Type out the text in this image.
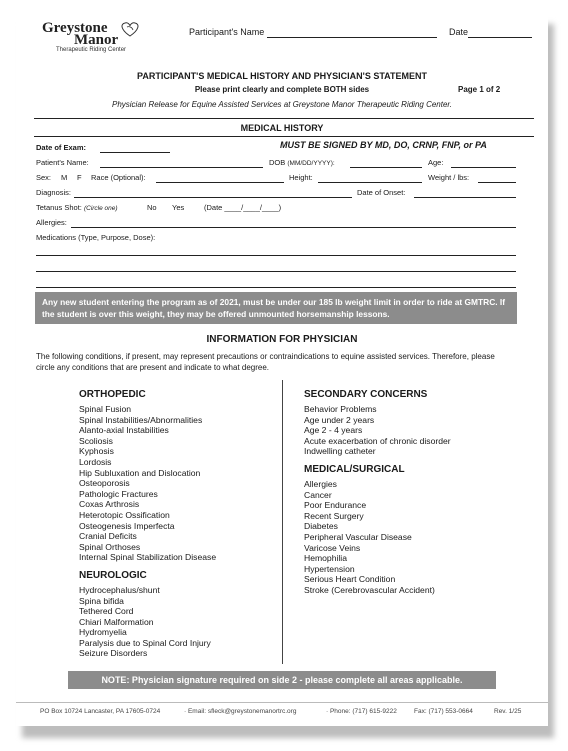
Greystone
Manor
Therapeutic Riding Center
Participant's Name	Date
PARTICIPANT'S MEDICAL HISTORY AND PHYSICIAN'S STATEMENT
Please print clearly and complete BOTH sides	Page 1 of 2
Physician Release for Equine Assisted Services at Greystone Manor Therapeutic Riding Center.
MEDICAL HISTORY
Date of Exam:	MUST BE SIGNED BY MD, DO, CRNP, FNP, or PA
Patient's Name:	DOB (MM/DD/YYYY):	Age:
Sex: M F Race (Optional):	Height:	Weight / lbs:
Diagnosis:	Date of Onset:
Tetanus Shot: (Circle one)	No Yes	(Date ____/____/____)
Allergies:
Medications (Type, Purpose, Dose):
Any new student entering the program as of 2021, must be under our 185 lb weight limit in order to ride at GMTRC. If the student is over this weight, they may be offered unmounted horsemanship lessons.
INFORMATION FOR PHYSICIAN
The following conditions, if present, may represent precautions or contraindications to equine assisted services. Therefore, please circle any conditions that are present and indicate to what degree.
ORTHOPEDIC
Spinal Fusion
Spinal Instabilities/Abnormalities
Alanto-axial Instabilities
Scoliosis
Kyphosis
Lordosis
Hip Subluxation and Dislocation
Osteoporosis
Pathologic Fractures
Coxas Arthrosis
Heterotopic Ossification
Osteogenesis Imperfecta
Cranial Deficits
Spinal Orthoses
Internal Spinal Stabilization Disease
NEUROLOGIC
Hydrocephalus/shunt
Spina bifida
Tethered Cord
Chiari Malformation
Hydromyelia
Paralysis due to Spinal Cord Injury
Seizure Disorders
SECONDARY CONCERNS
Behavior Problems
Age under 2 years
Age 2 - 4 years
Acute exacerbation of chronic disorder
Indwelling catheter
MEDICAL/SURGICAL
Allergies
Cancer
Poor Endurance
Recent Surgery
Diabetes
Peripheral Vascular Disease
Varicose Veins
Hemophilia
Hypertension
Serious Heart Condition
Stroke (Cerebrovascular Accident)
NOTE: Physician signature required on side 2 - please complete all areas applicable.
PO Box 10724 Lancaster, PA 17605-0724	· Email: sfleck@greystonemanortrc.org	· Phone: (717) 615-9222	Fax: (717) 553-0664	Rev. 1/25
